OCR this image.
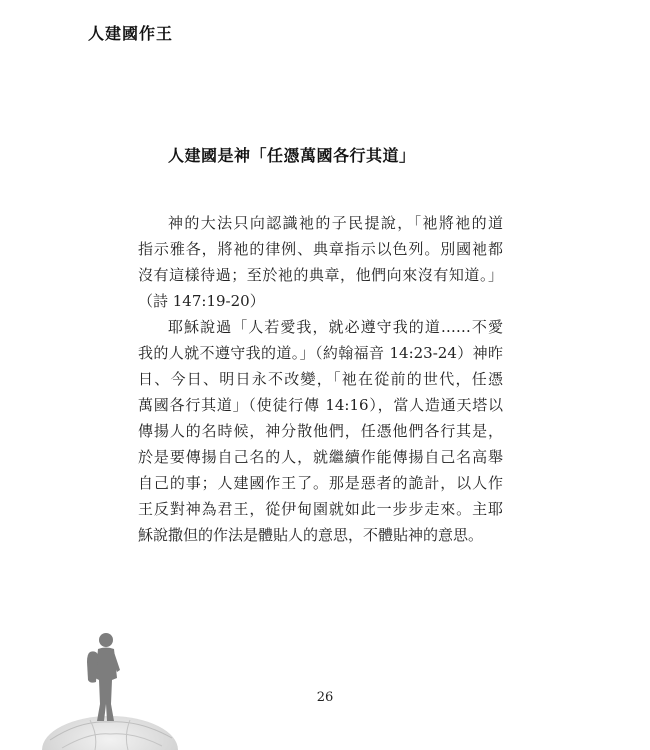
人建國作王
人建國是神「任憑萬國各行其道」
神的大法只向認識祂的子民提說，「祂將祂的道
指示雅各，將祂的律例、典章指示以色列。別國祂都
沒有這樣待過；至於祂的典章，他們向來沒有知道。」
（詩 147:19-20）
耶穌說過「人若愛我，就必遵守我的道……不愛
我的人就不遵守我的道。」（約翰福音 14:23-24）神昨
日、今日、明日永不改變，「祂在從前的世代，任憑
萬國各行其道」（使徒行傳 14:16），當人造通天塔以
傳揚人的名時候，神分散他們，任憑他們各行其是，
於是要傳揚自己名的人，就繼續作能傳揚自己名高舉
自己的事；人建國作王了。那是惡者的詭計，以人作
王反對神為君王，從伊甸園就如此一步步走來。主耶
穌說撒但的作法是體貼人的意思，不體貼神的意思。
26
